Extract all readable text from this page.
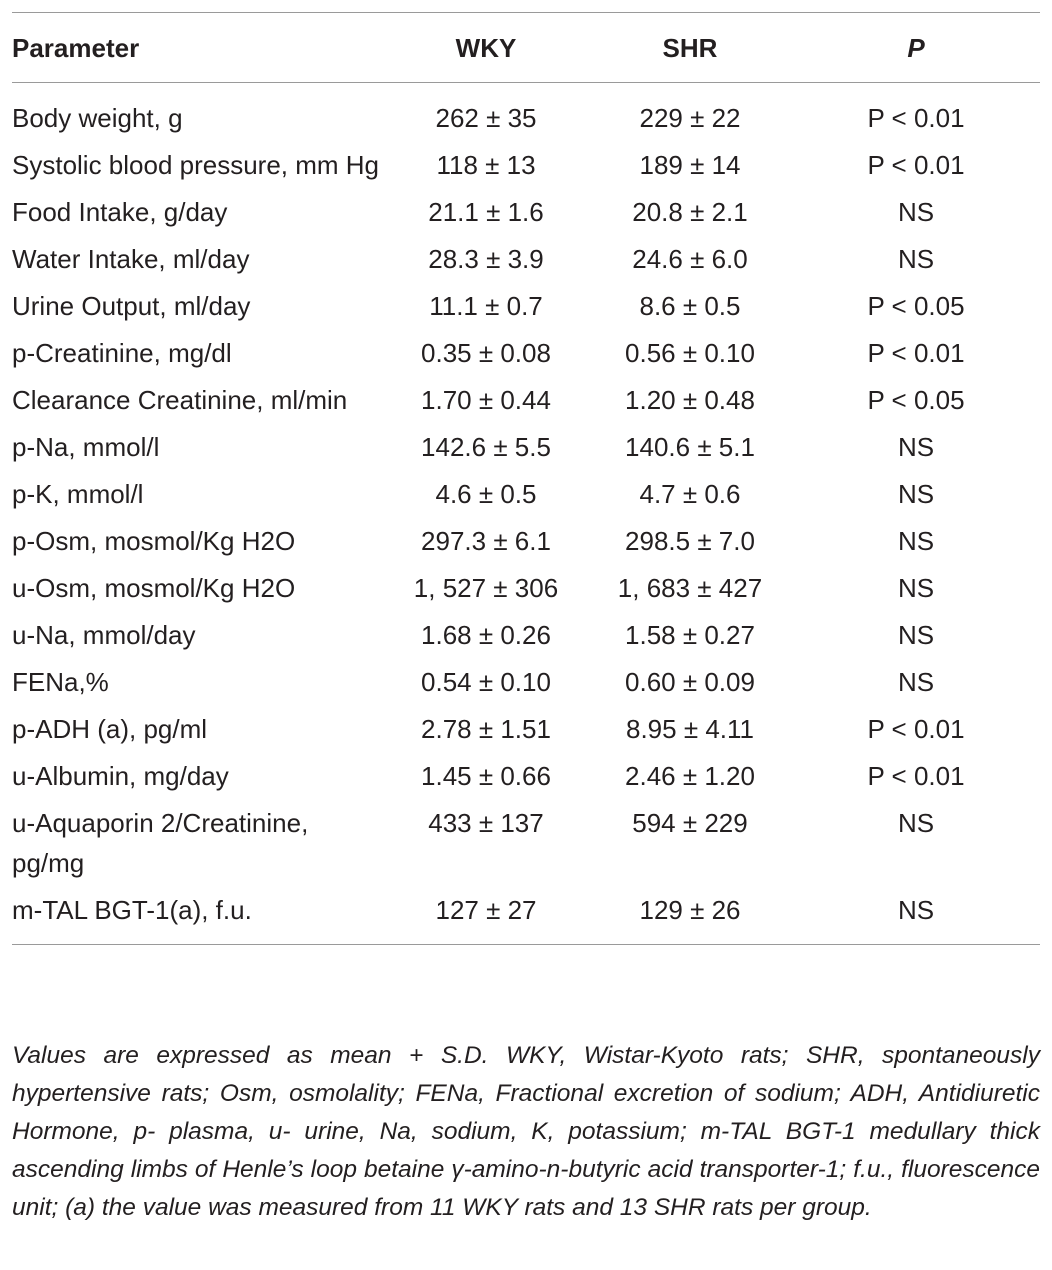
Parameter	WKY	SHR	P
Body weight, g	262 ± 35	229 ± 22	P < 0.01
Systolic blood pressure, mm Hg	118 ± 13	189 ± 14	P < 0.01
Food Intake, g/day	21.1 ± 1.6	20.8 ± 2.1	NS
Water Intake, ml/day	28.3 ± 3.9	24.6 ± 6.0	NS
Urine Output, ml/day	11.1 ± 0.7	8.6 ± 0.5	P < 0.05
p-Creatinine, mg/dl	0.35 ± 0.08	0.56 ± 0.10	P < 0.01
Clearance Creatinine, ml/min	1.70 ± 0.44	1.20 ± 0.48	P < 0.05
p-Na, mmol/l	142.6 ± 5.5	140.6 ± 5.1	NS
p-K, mmol/l	4.6 ± 0.5	4.7 ± 0.6	NS
p-Osm, mosmol/Kg H2O	297.3 ± 6.1	298.5 ± 7.0	NS
u-Osm, mosmol/Kg H2O	1, 527 ± 306	1, 683 ± 427	NS
u-Na, mmol/day	1.68 ± 0.26	1.58 ± 0.27	NS
FENa,%	0.54 ± 0.10	0.60 ± 0.09	NS
p-ADH (a), pg/ml	2.78 ± 1.51	8.95 ± 4.11	P < 0.01
u-Albumin, mg/day	1.45 ± 0.66	2.46 ± 1.20	P < 0.01
u-Aquaporin 2/Creatinine, pg/mg	433 ± 137	594 ± 229	NS
m-TAL BGT-1(a), f.u.	127 ± 27	129 ± 26	NS

Values are expressed as mean + S.D. WKY, Wistar-Kyoto rats; SHR, spontaneously hypertensive rats; Osm, osmolality; FENa, Fractional excretion of sodium; ADH, Antidiuretic Hormone, p- plasma, u- urine, Na, sodium, K, potassium; m-TAL BGT-1 medullary thick ascending limbs of Henle’s loop betaine γ-amino-n-butyric acid transporter-1; f.u., fluorescence unit; (a) the value was measured from 11 WKY rats and 13 SHR rats per group.
